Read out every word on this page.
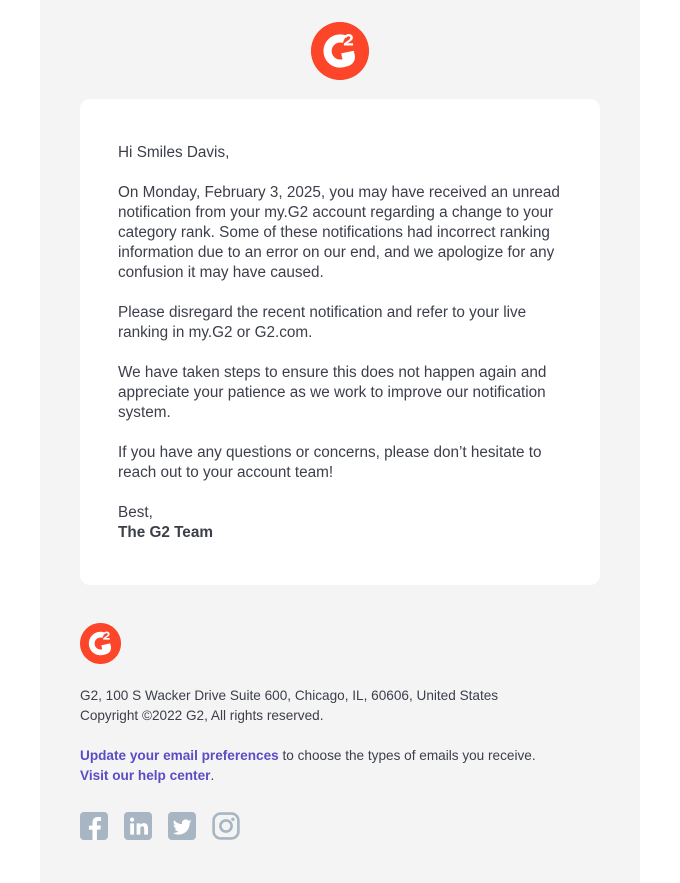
Hi Smiles Davis,

On Monday, February 3, 2025, you may have received an unread notification from your my.G2 account regarding a change to your category rank. Some of these notifications had incorrect ranking information due to an error on our end, and we apologize for any confusion it may have caused.

Please disregard the recent notification and refer to your live ranking in my.G2 or G2.com.

We have taken steps to ensure this does not happen again and appreciate your patience as we work to improve our notification system.

If you have any questions or concerns, please don’t hesitate to reach out to your account team!

Best,
The G2 Team
G2, 100 S Wacker Drive Suite 600, Chicago, IL, 60606, United States
Copyright ©2022 G2, All rights reserved.
Update your email preferences to choose the types of emails you receive.
Visit our help center.
